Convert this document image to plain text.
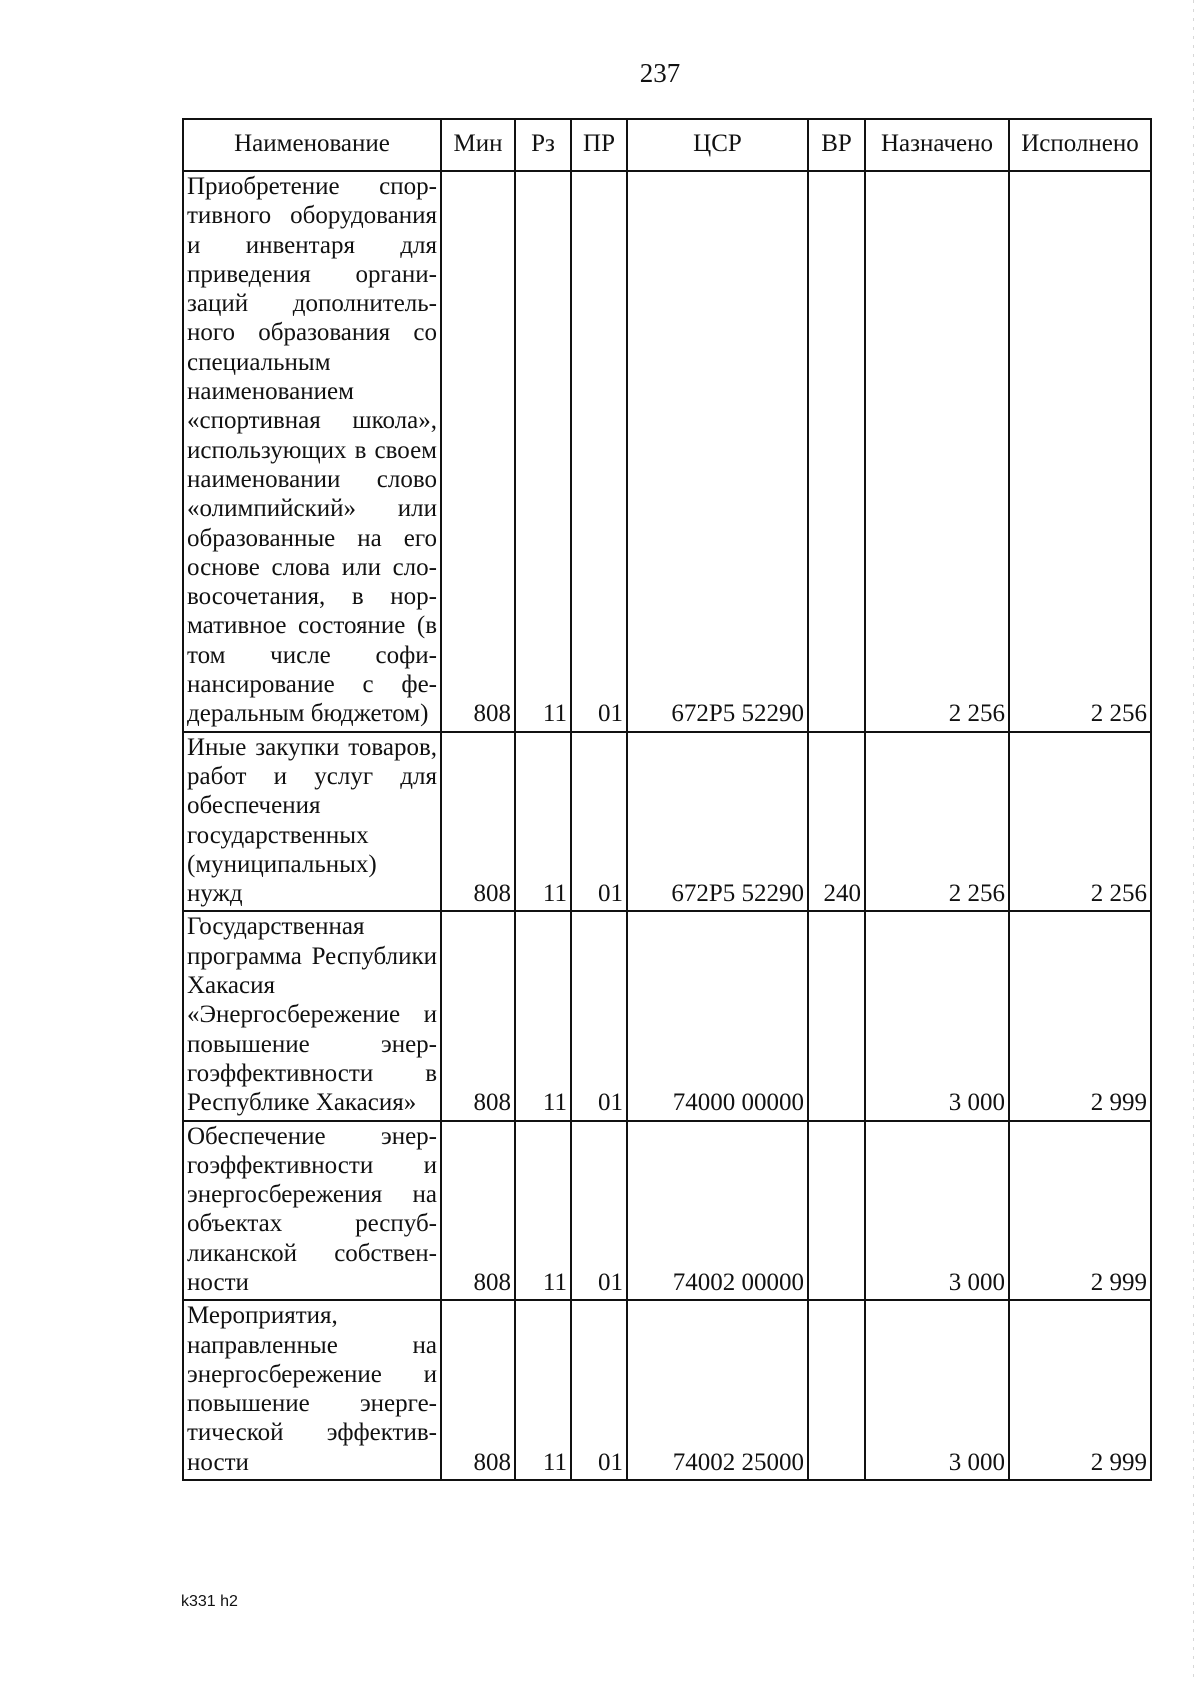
237
Наименование	Мин	Рз	ПР	ЦСР	ВР	Назначено	Исполнено
Приобретение спортивного оборудования и инвентаря для приведения организаций дополнительного образования со специальным наименованием «спортивная школа», использующих в своем наименовании слово «олимпийский» или образованные на его основе слова или словосочетания, в нормативное состояние (в том числе софинансирование с федеральным бюджетом)	808	11	01	672Р5 52290		2 256	2 256
Иные закупки товаров, работ и услуг для обеспечения государственных (муниципальных) нужд	808	11	01	672Р5 52290	240	2 256	2 256
Государственная программа Республики Хакасия «Энергосбережение и повышение энергоэффективности в Республике Хакасия»	808	11	01	74000 00000		3 000	2 999
Обеспечение энергоэффективности и энергосбережения на объектах республиканской собственности	808	11	01	74002 00000		3 000	2 999
Мероприятия, направленные на энергосбережение и повышение энергетической эффективности	808	11	01	74002 25000		3 000	2 999
k331 h2
